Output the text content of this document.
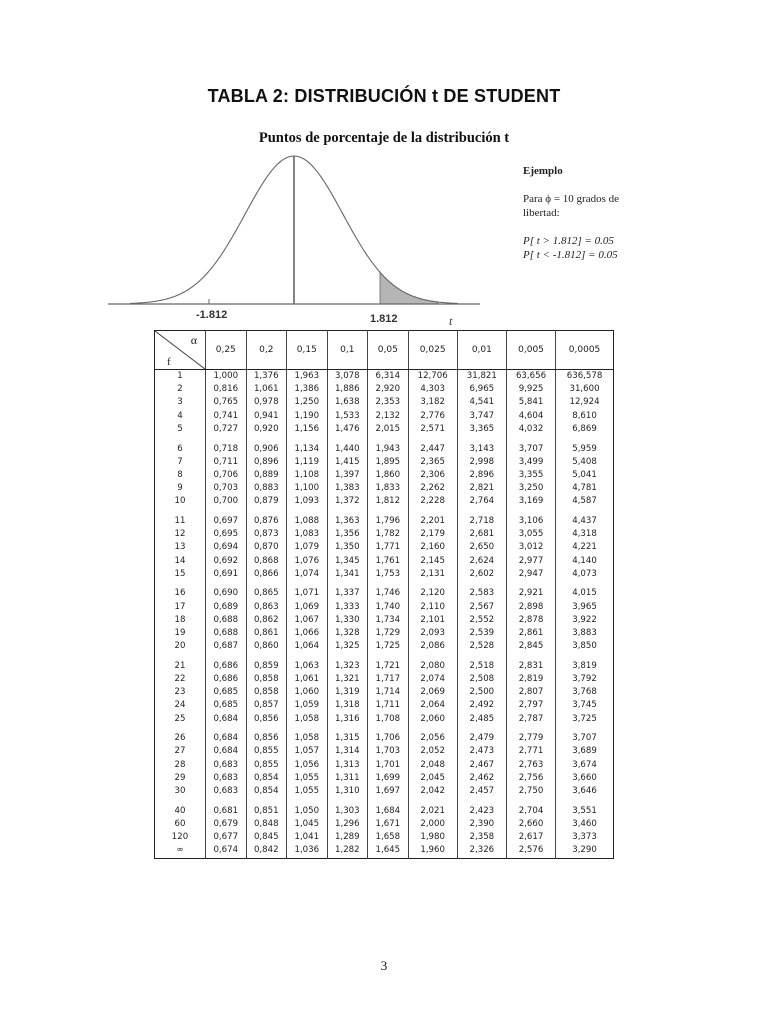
TABLA 2: DISTRIBUCIÓN t DE STUDENT
Puntos de porcentaje de la distribución t
-1.812	1.812	t
Ejemplo
Para ϕ = 10 grados de libertad:
P[ t > 1.812] = 0.05
P[ t < -1.812] = 0.05
α
f	0,25	0,2	0,15	0,1	0,05	0,025	0,01	0,005	0,0005
1	1,000	1,376	1,963	3,078	6,314	12,706	31,821	63,656	636,578
2	0,816	1,061	1,386	1,886	2,920	4,303	6,965	9,925	31,600
3	0,765	0,978	1,250	1,638	2,353	3,182	4,541	5,841	12,924
4	0,741	0,941	1,190	1,533	2,132	2,776	3,747	4,604	8,610
5	0,727	0,920	1,156	1,476	2,015	2,571	3,365	4,032	6,869

6	0,718	0,906	1,134	1,440	1,943	2,447	3,143	3,707	5,959
7	0,711	0,896	1,119	1,415	1,895	2,365	2,998	3,499	5,408
8	0,706	0,889	1,108	1,397	1,860	2,306	2,896	3,355	5,041
9	0,703	0,883	1,100	1,383	1,833	2,262	2,821	3,250	4,781
10	0,700	0,879	1,093	1,372	1,812	2,228	2,764	3,169	4,587

11	0,697	0,876	1,088	1,363	1,796	2,201	2,718	3,106	4,437
12	0,695	0,873	1,083	1,356	1,782	2,179	2,681	3,055	4,318
13	0,694	0,870	1,079	1,350	1,771	2,160	2,650	3,012	4,221
14	0,692	0,868	1,076	1,345	1,761	2,145	2,624	2,977	4,140
15	0,691	0,866	1,074	1,341	1,753	2,131	2,602	2,947	4,073

16	0,690	0,865	1,071	1,337	1,746	2,120	2,583	2,921	4,015
17	0,689	0,863	1,069	1,333	1,740	2,110	2,567	2,898	3,965
18	0,688	0,862	1,067	1,330	1,734	2,101	2,552	2,878	3,922
19	0,688	0,861	1,066	1,328	1,729	2,093	2,539	2,861	3,883
20	0,687	0,860	1,064	1,325	1,725	2,086	2,528	2,845	3,850

21	0,686	0,859	1,063	1,323	1,721	2,080	2,518	2,831	3,819
22	0,686	0,858	1,061	1,321	1,717	2,074	2,508	2,819	3,792
23	0,685	0,858	1,060	1,319	1,714	2,069	2,500	2,807	3,768
24	0,685	0,857	1,059	1,318	1,711	2,064	2,492	2,797	3,745
25	0,684	0,856	1,058	1,316	1,708	2,060	2,485	2,787	3,725

26	0,684	0,856	1,058	1,315	1,706	2,056	2,479	2,779	3,707
27	0,684	0,855	1,057	1,314	1,703	2,052	2,473	2,771	3,689
28	0,683	0,855	1,056	1,313	1,701	2,048	2,467	2,763	3,674
29	0,683	0,854	1,055	1,311	1,699	2,045	2,462	2,756	3,660
30	0,683	0,854	1,055	1,310	1,697	2,042	2,457	2,750	3,646

40	0,681	0,851	1,050	1,303	1,684	2,021	2,423	2,704	3,551
60	0,679	0,848	1,045	1,296	1,671	2,000	2,390	2,660	3,460
120	0,677	0,845	1,041	1,289	1,658	1,980	2,358	2,617	3,373
∞	0,674	0,842	1,036	1,282	1,645	1,960	2,326	2,576	3,290
3
